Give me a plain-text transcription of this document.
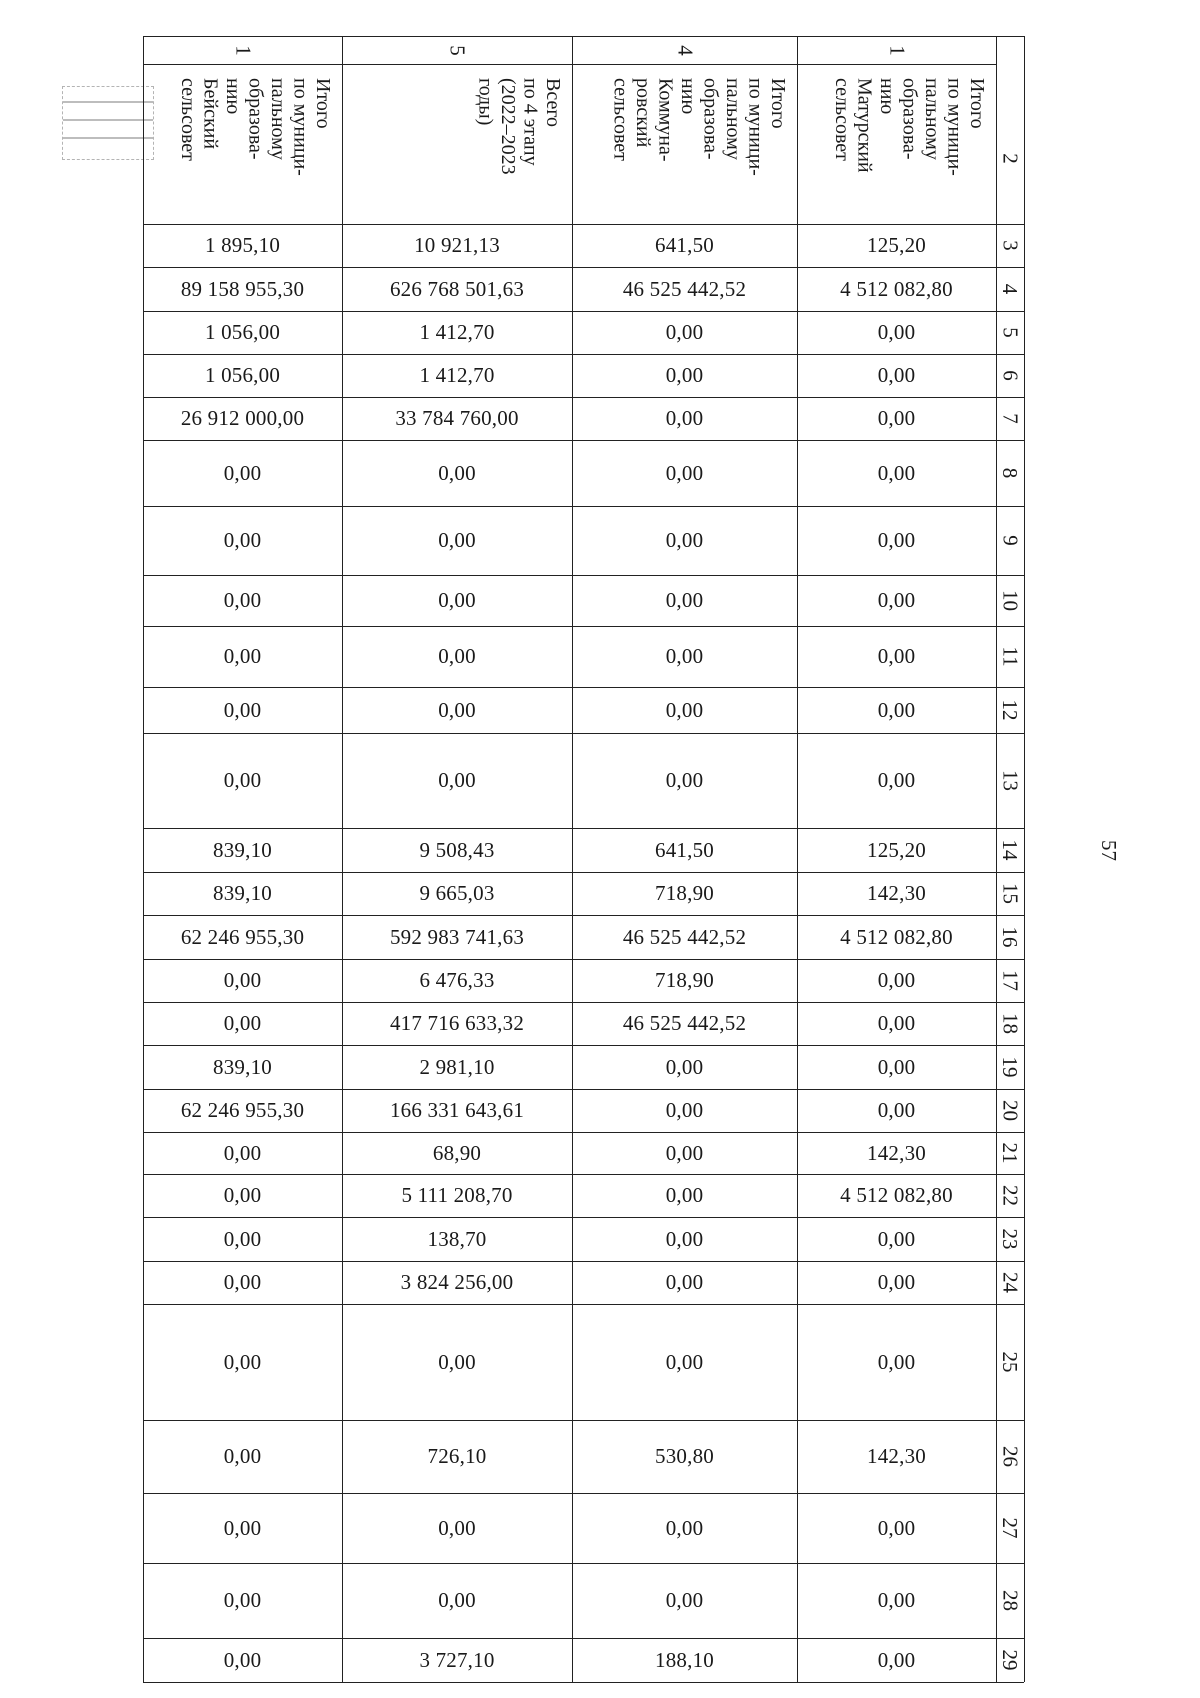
57
1	5	4	1
2
Итого
по муници-
пальному
образова-
нию
Бейский
сельсовет	Всего
по 4 этапу
(2022–2023
годы)	Итого
по муници-
пальному
образова-
нию
Коммуна-
ровский
сельсовет	Итого
по муници-
пальному
образова-
нию
Матурский
сельсовет
1 895,10	10 921,13	641,50	125,20	3
89 158 955,30	626 768 501,63	46 525 442,52	4 512 082,80	4
1 056,00	1 412,70	0,00	0,00	5
1 056,00	1 412,70	0,00	0,00	6
26 912 000,00	33 784 760,00	0,00	0,00	7
0,00	0,00	0,00	0,00	8
0,00	0,00	0,00	0,00	9
0,00	0,00	0,00	0,00	10
0,00	0,00	0,00	0,00	11
0,00	0,00	0,00	0,00	12
0,00	0,00	0,00	0,00	13
839,10	9 508,43	641,50	125,20	14
839,10	9 665,03	718,90	142,30	15
62 246 955,30	592 983 741,63	46 525 442,52	4 512 082,80	16
0,00	6 476,33	718,90	0,00	17
0,00	417 716 633,32	46 525 442,52	0,00	18
839,10	2 981,10	0,00	0,00	19
62 246 955,30	166 331 643,61	0,00	0,00	20
0,00	68,90	0,00	142,30	21
0,00	5 111 208,70	0,00	4 512 082,80	22
0,00	138,70	0,00	0,00	23
0,00	3 824 256,00	0,00	0,00	24
0,00	0,00	0,00	0,00	25
0,00	726,10	530,80	142,30	26
0,00	0,00	0,00	0,00	27
0,00	0,00	0,00	0,00	28
0,00	3 727,10	188,10	0,00	29
